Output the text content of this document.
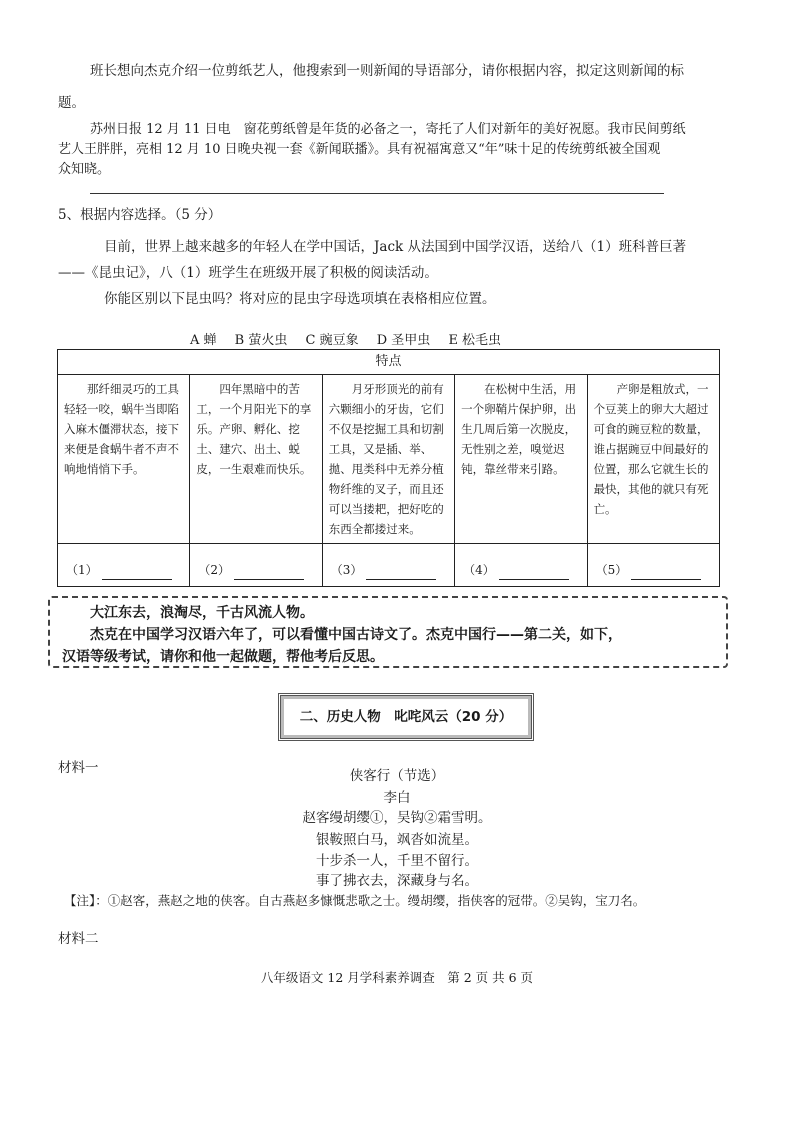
班长想向杰克介绍一位剪纸艺人，他搜索到一则新闻的导语部分，请你根据内容，拟定这则新闻的标
题。
苏州日报 12 月 11 日电　窗花剪纸曾是年货的必备之一，寄托了人们对新年的美好祝愿。我市民间剪纸
艺人王胖胖，亮相 12 月 10 日晚央视一套《新闻联播》。具有祝福寓意又“年”味十足的传统剪纸被全国观
众知晓。
5、根据内容选择。（5 分）
目前，世界上越来越多的年轻人在学中国话，Jack 从法国到中国学汉语，送给八（1）班科普巨著
——《昆虫记》，八（1）班学生在班级开展了积极的阅读活动。
你能区别以下昆虫吗？将对应的昆虫字母选项填在表格相应位置。
A 蝉 B 萤火虫 C 豌豆象 D 圣甲虫 E 松毛虫
特点				
那纤细灵巧的工具轻轻一咬，蜗牛当即陷入麻木僵滞状态，接下来便是食蜗牛者不声不响地悄悄下手。	四年黑暗中的苦工，一个月阳光下的享乐。产卵、孵化、挖土、建穴、出土、蜕皮，一生艰难而快乐。	月牙形顶光的前有六颗细小的牙齿，它们不仅是挖掘工具和切割工具，又是插、举、拋、甩类科中无养分植物纤维的叉子，而且还可以当搂耙，把好吃的东西全都搂过来。	在松树中生活，用一个卵鞘片保护卵，出生几周后第一次脱皮，无性别之差，嗅觉迟钝，靠丝带来引路。	产卵是粗放式，一个豆荚上的卵大大超过可食的豌豆粒的数量，谁占据豌豆中间最好的位置，那么它就生长的最快，其他的就只有死亡。
（1）	（2）	（3）	（4）	（5）
大江东去，浪淘尽，千古风流人物。
杰克在中国学习汉语六年了，可以看懂中国古诗文了。杰克中国行——第二关，如下，
汉语等级考试，请你和他一起做题，帮他考后反思。
二、历史人物　叱咤风云（20 分）
材料一	侠客行（节选）
李白
赵客缦胡缨①，吴钩②霜雪明。
银鞍照白马，飒沓如流星。
十步杀一人，千里不留行。
事了拂衣去，深藏身与名。
【注】：①赵客，燕赵之地的侠客。自古燕赵多慷慨悲歌之士。缦胡缨，指侠客的冠带。②吴钩，宝刀名。
材料二
八年级语文 12 月学科素养调查　第 2 页 共 6 页
